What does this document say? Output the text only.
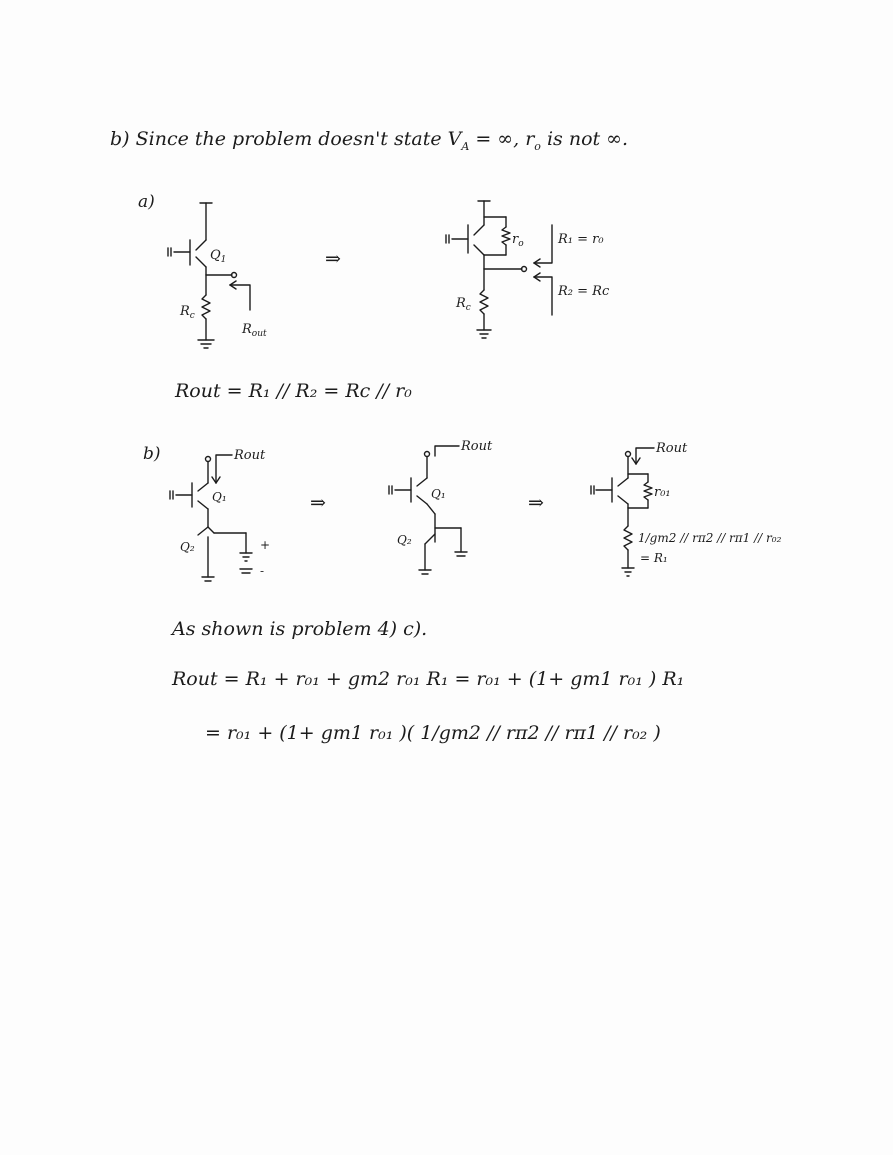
b) Since the problem doesn't state $V_A$ = ∞, $r_o$ is not ∞.
a)
$Q_1$
$R_c$
$R_{out}$
⇒
$r_o$
$R_c$
R₁ = r₀
R₂ = Rc
Rout = R₁ // R₂ = Rc // r₀
b)	Rout
Q₁
Q₂	+
-
⇒
Rout
Q₁
Q₂
⇒
Rout
r₀₁
1/gm2 // rπ2 // rπ1 // r₀₂
= R₁
As shown is problem 4) c).
Rout = R₁ + r₀₁ + gm2 r₀₁ R₁ = r₀₁ + (1+ gm1 r₀₁ ) R₁
= r₀₁ + (1+ gm1 r₀₁ )( 1/gm2 // rπ2 // rπ1 // r₀₂ )
